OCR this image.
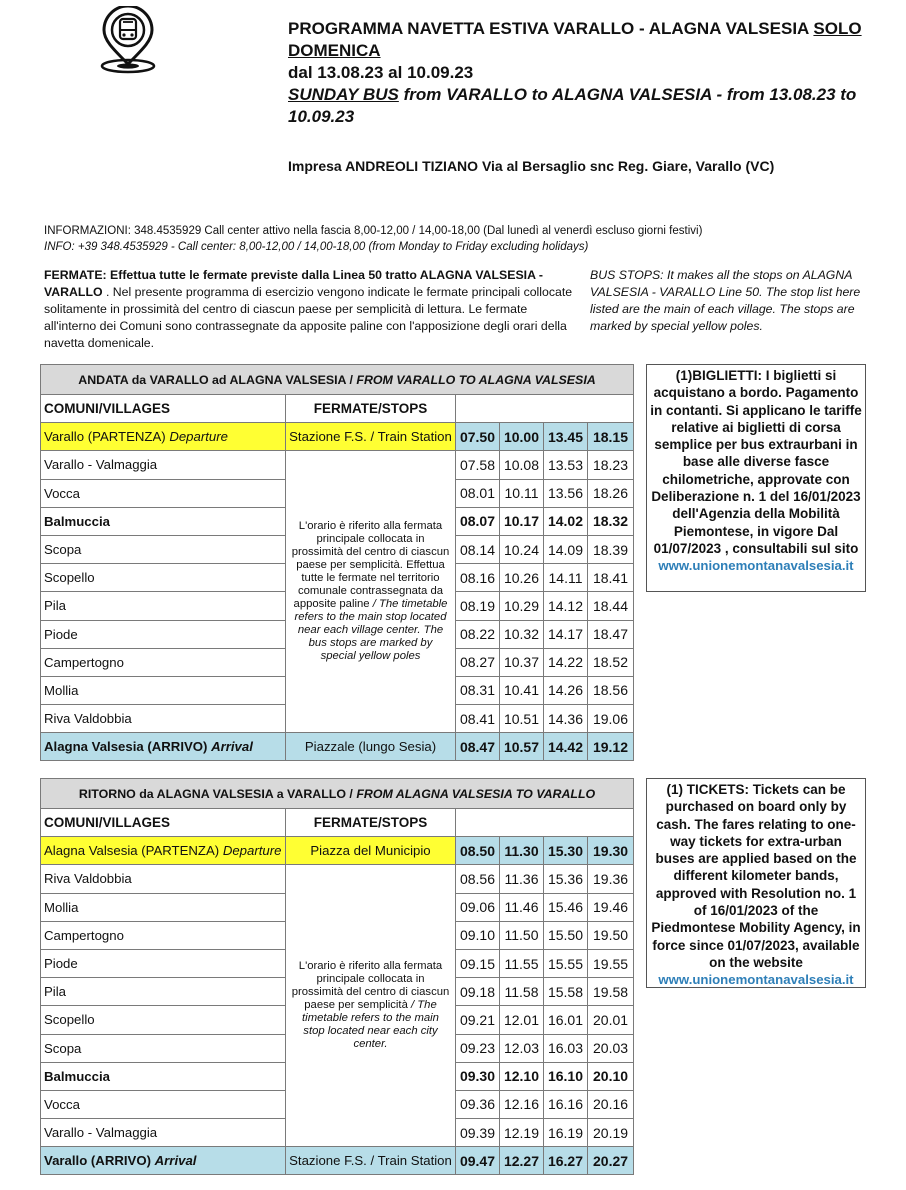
PROGRAMMA NAVETTA ESTIVA VARALLO - ALAGNA VALSESIA SOLO DOMENICA
dal 13.08.23 al 10.09.23
SUNDAY BUS from VARALLO to ALAGNA VALSESIA - from 13.08.23 to 10.09.23
Impresa ANDREOLI TIZIANO Via al Bersaglio snc Reg. Giare, Varallo (VC)
INFORMAZIONI: 348.4535929 Call center attivo nella fascia 8,00-12,00 / 14,00-18,00 (Dal lunedì al venerdì escluso giorni festivi)
INFO: +39 348.4535929 - Call center: 8,00-12,00 / 14,00-18,00 (from Monday to Friday excluding holidays)
FERMATE: Effettua tutte le fermate previste dalla Linea 50 tratto ALAGNA VALSESIA - VARALLO . Nel presente programma di esercizio vengono indicate le fermate principali collocate solitamente in prossimità del centro di ciascun paese per semplicità di lettura. Le fermate all'interno dei Comuni sono contrassegnate da apposite paline con l'apposizione degli orari della navetta domenicale.
BUS STOPS: It makes all the stops on ALAGNA VALSESIA - VARALLO Line 50. The stop list here listed are the main of each village. The stops are marked by special yellow poles.
ANDATA da VARALLO ad ALAGNA VALSESIA / FROM VARALLO TO ALAGNA VALSESIA					
COMUNI/VILLAGES	FERMATE/STOPS				
Varallo (PARTENZA) Departure	Stazione F.S. / Train Station	07.50	10.00	13.45	18.15
Varallo - Valmaggia	L'orario è riferito alla fermata principale collocata in prossimità del centro di ciascun paese per semplicità. Effettua tutte le fermate nel territorio comunale contrassegnata da apposite paline / The timetable refers to the main stop located near each village center. The bus stops are marked by special yellow poles	07.58	10.08	13.53	18.23
Vocca		08.01	10.11	13.56	18.26
Balmuccia		08.07	10.17	14.02	18.32
Scopa		08.14	10.24	14.09	18.39
Scopello		08.16	10.26	14.11	18.41
Pila		08.19	10.29	14.12	18.44
Piode		08.22	10.32	14.17	18.47
Campertogno		08.27	10.37	14.22	18.52
Mollia		08.31	10.41	14.26	18.56
Riva Valdobbia		08.41	10.51	14.36	19.06
Alagna Valsesia (ARRIVO) Arrival	Piazzale (lungo Sesia)	08.47	10.57	14.42	19.12
RITORNO da ALAGNA VALSESIA a VARALLO / FROM ALAGNA VALSESIA TO VARALLO					
COMUNI/VILLAGES	FERMATE/STOPS				
Alagna Valsesia (PARTENZA) Departure	Piazza del Municipio	08.50	11.30	15.30	19.30
Riva Valdobbia	L'orario è riferito alla fermata principale collocata in prossimità del centro di ciascun paese per semplicità / The timetable refers to the main stop located near each city center.	08.56	11.36	15.36	19.36
Mollia		09.06	11.46	15.46	19.46
Campertogno		09.10	11.50	15.50	19.50
Piode		09.15	11.55	15.55	19.55
Pila		09.18	11.58	15.58	19.58
Scopello		09.21	12.01	16.01	20.01
Scopa		09.23	12.03	16.03	20.03
Balmuccia		09.30	12.10	16.10	20.10
Vocca		09.36	12.16	16.16	20.16
Varallo - Valmaggia		09.39	12.19	16.19	20.19
Varallo (ARRIVO) Arrival	Stazione F.S. / Train Station	09.47	12.27	16.27	20.27
(1)BIGLIETTI: I biglietti si acquistano a bordo. Pagamento in contanti. Si applicano le tariffe relative ai biglietti di corsa semplice per bus extraurbani in base alle diverse fasce chilometriche, approvate con Deliberazione n. 1 del 16/01/2023 dell'Agenzia della Mobilità Piemontese, in vigore Dal 01/07/2023 , consultabili sul sito
www.unionemontanavalsesia.it
(1) TICKETS: Tickets can be purchased on board only by cash. The fares relating to one-way tickets for extra-urban buses are applied based on the different kilometer bands, approved with Resolution no. 1 of 16/01/2023 of the Piedmontese Mobility Agency, in force since 01/07/2023, available on the website
www.unionemontanavalsesia.it
